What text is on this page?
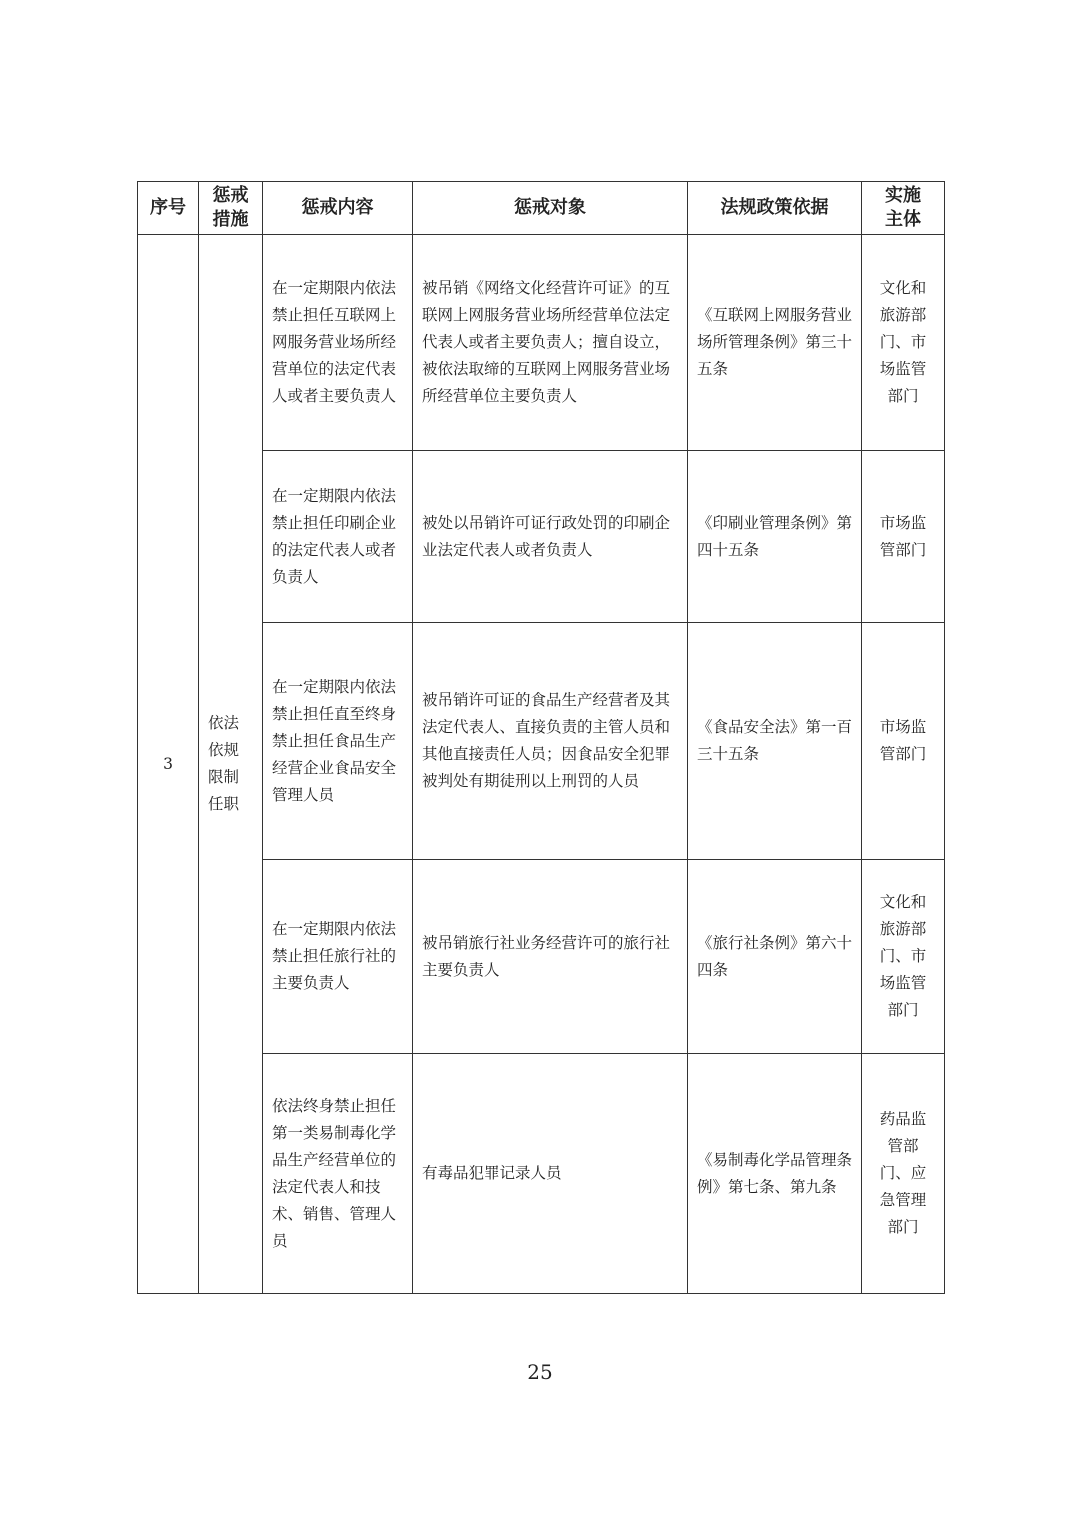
序号	惩戒措施	惩戒内容	惩戒对象	法规政策依据	实施主体
3	依法依规限制任职	在一定期限内依法禁止担任互联网上网服务营业场所经营单位的法定代表人或者主要负责人	被吊销《网络文化经营许可证》的互联网上网服务营业场所经营单位法定代表人或者主要负责人；擅自设立，被依法取缔的互联网上网服务营业场所经营单位主要负责人	《互联网上网服务营业场所管理条例》第三十五条	文化和旅游部门、市场监管部门
		在一定期限内依法禁止担任印刷企业的法定代表人或者负责人	被处以吊销许可证行政处罚的印刷企业法定代表人或者负责人	《印刷业管理条例》第四十五条	市场监管部门
		在一定期限内依法禁止担任直至终身禁止担任食品生产经营企业食品安全管理人员	被吊销许可证的食品生产经营者及其法定代表人、直接负责的主管人员和其他直接责任人员；因食品安全犯罪被判处有期徒刑以上刑罚的人员	《食品安全法》第一百三十五条	市场监管部门
		在一定期限内依法禁止担任旅行社的主要负责人	被吊销旅行社业务经营许可的旅行社主要负责人	《旅行社条例》第六十四条	文化和旅游部门、市场监管部门
		依法终身禁止担任第一类易制毒化学品生产经营单位的法定代表人和技术、销售、管理人员	有毒品犯罪记录人员	《易制毒化学品管理条例》第七条、第九条	药品监管部门、应急管理部门
25
